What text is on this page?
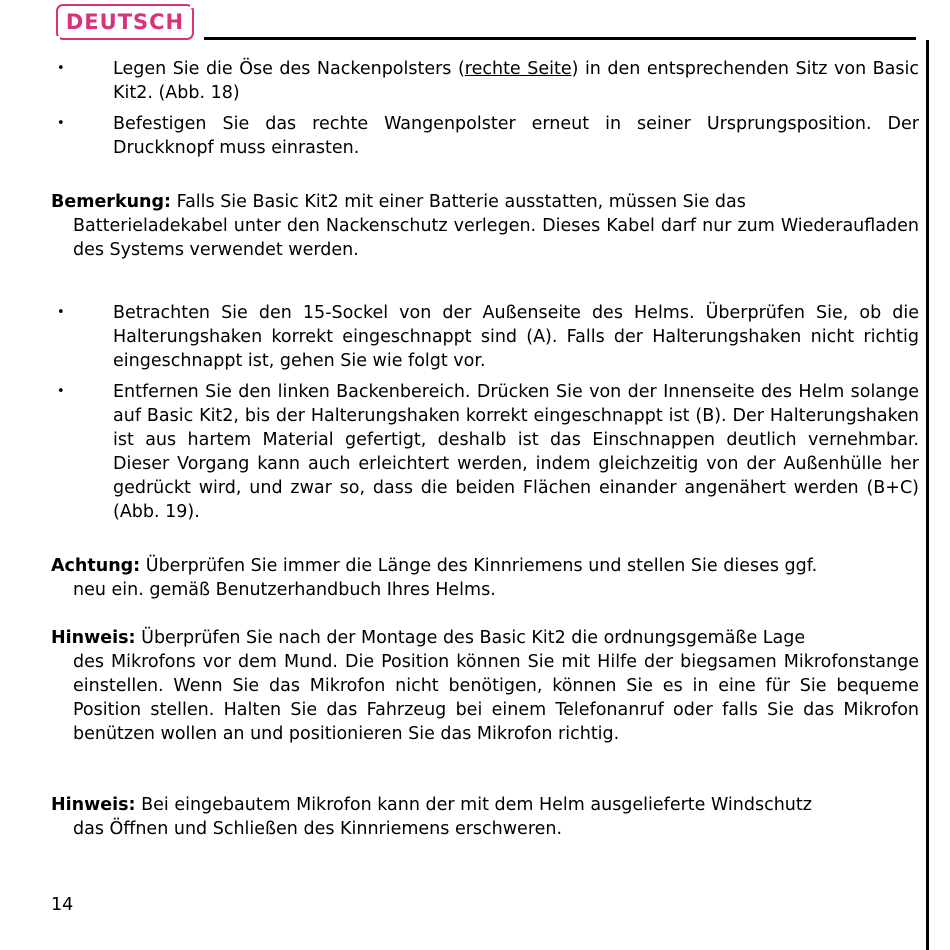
DEUTSCH
•	Legen Sie die Öse des Nackenpolsters (rechte Seite) in den entsprechenden Sitz von Basic Kit2. (Abb. 18)
•	Befestigen Sie das rechte Wangenpolster erneut in seiner Ursprungsposition. Der Druckknopf muss einrasten.

Bemerkung: Falls Sie Basic Kit2 mit einer Batterie ausstatten, müssen Sie das

Batterieladekabel unter den Nackenschutz verlegen. Dieses Kabel darf nur zum Wiederaufladen des Systems verwendet werden.

•	Betrachten Sie den 15-Sockel von der Außenseite des Helms. Überprüfen Sie, ob die Halterungshaken korrekt eingeschnappt sind (A). Falls der Halterungshaken nicht richtig eingeschnappt ist, gehen Sie wie folgt vor.
•	Entfernen Sie den linken Backenbereich. Drücken Sie von der Innenseite des Helm solange auf Basic Kit2, bis der Halterungshaken korrekt eingeschnappt ist (B). Der Halterungshaken ist aus hartem Material gefertigt, deshalb ist das Einschnappen deutlich vernehmbar. Dieser Vorgang kann auch erleichtert werden, indem gleichzeitig von der Außenhülle her gedrückt wird, und zwar so, dass die beiden Flächen einander angenähert werden (B+C) (Abb. 19).

Achtung: Überprüfen Sie immer die Länge des Kinnriemens und stellen Sie dieses ggf.

neu ein. gemäß Benutzerhandbuch Ihres Helms.

Hinweis: Überprüfen Sie nach der Montage des Basic Kit2 die ordnungsgemäße Lage

des Mikrofons vor dem Mund. Die Position können Sie mit Hilfe der biegsamen Mikrofonstange einstellen. Wenn Sie das Mikrofon nicht benötigen, können Sie es in eine für Sie bequeme Position stellen. Halten Sie das Fahrzeug bei einem Telefonanruf oder falls Sie das Mikrofon benützen wollen an und positionieren Sie das Mikrofon richtig.

Hinweis: Bei eingebautem Mikrofon kann der mit dem Helm ausgelieferte Windschutz

das Öffnen und Schließen des Kinnriemens erschweren.

14
